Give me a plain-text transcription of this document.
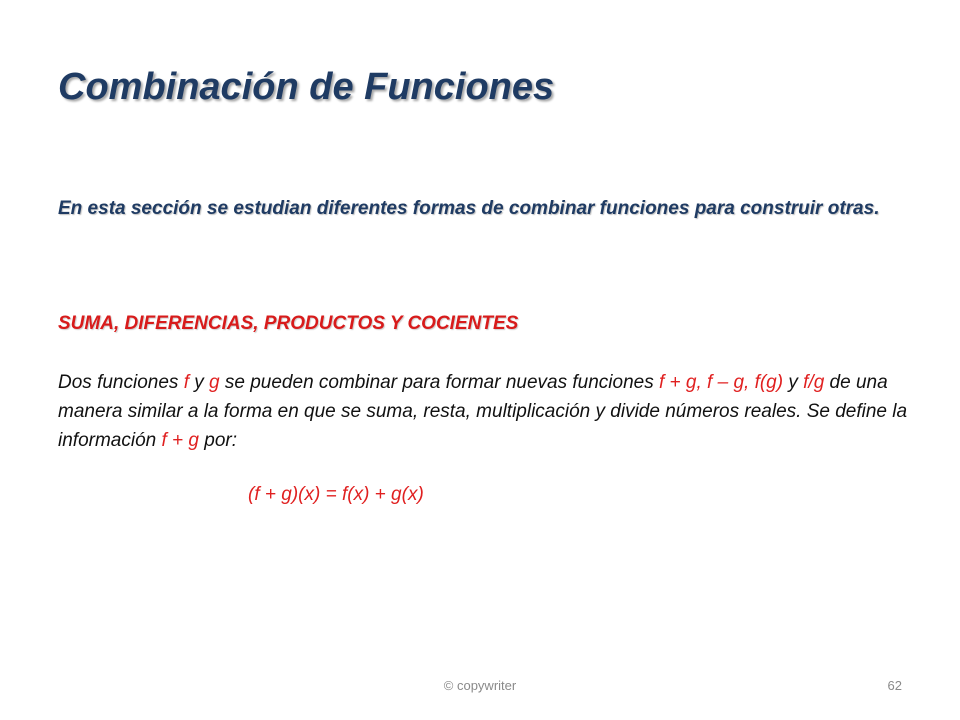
Combinación de Funciones

En esta sección se estudian diferentes formas de combinar funciones para construir otras.

SUMA, DIFERENCIAS, PRODUCTOS Y COCIENTES

Dos funciones f y g se pueden combinar para formar nuevas funciones f + g, f – g, f(g) y f/g de una manera similar a la forma en que se suma, resta, multiplicación y divide números reales. Se define la información f + g por:

(f + g)(x) = f(x) + g(x)

© copywriter	62
